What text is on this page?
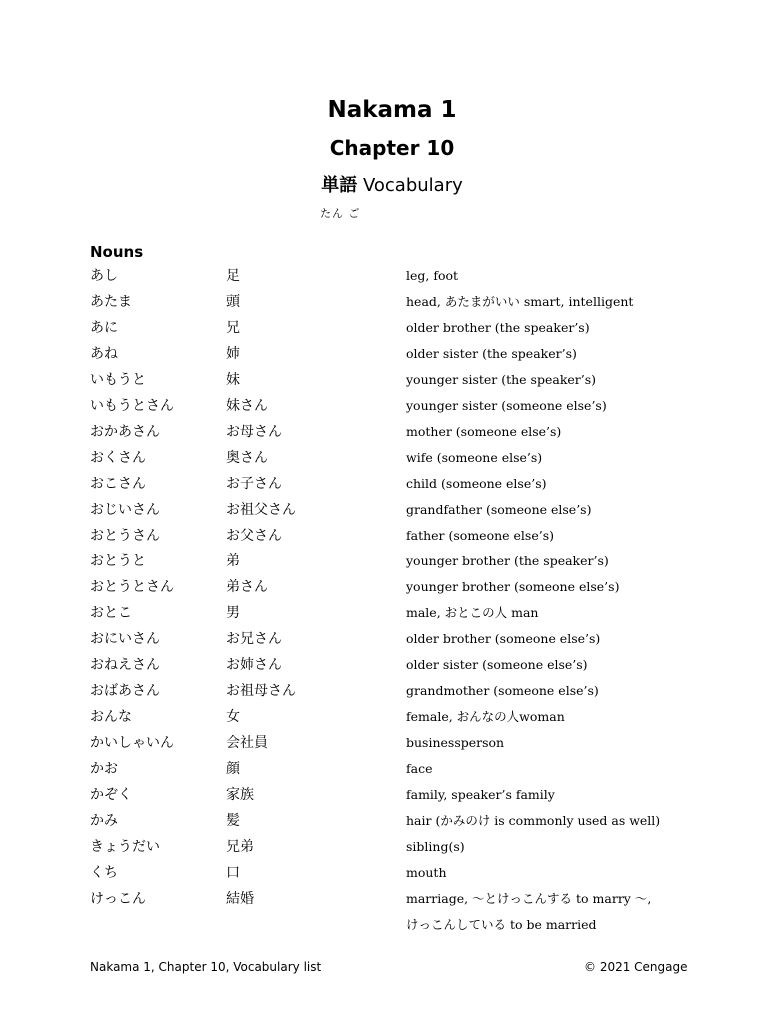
Nakama 1
Chapter 10
単語 Vocabulary
たん ご
Nouns
あし	足	leg, foot
あたま	頭	head, あたまがいい smart, intelligent
あに	兄	older brother (the speaker’s)
あね	姉	older sister (the speaker’s)
いもうと	妹	younger sister (the speaker’s)
いもうとさん	妹さん	younger sister (someone else’s)
おかあさん	お母さん	mother (someone else’s)
おくさん	奥さん	wife (someone else’s)
おこさん	お子さん	child (someone else’s)
おじいさん	お祖父さん	grandfather (someone else’s)
おとうさん	お父さん	father (someone else’s)
おとうと	弟	younger brother (the speaker’s)
おとうとさん	弟さん	younger brother (someone else’s)
おとこ	男	male, おとこの人 man
おにいさん	お兄さん	older brother (someone else’s)
おねえさん	お姉さん	older sister (someone else’s)
おばあさん	お祖母さん	grandmother (someone else’s)
おんな	女	female, おんなの人woman
かいしゃいん	会社員	businessperson
かお	顔	face
かぞく	家族	family, speaker’s family
かみ	髪	hair (かみのけ is commonly used as well)
きょうだい	兄弟	sibling(s)
くち	口	mouth
けっこん	結婚	marriage, 〜とけっこんする to marry 〜,
けっこんしている to be married
Nakama 1, Chapter 10, Vocabulary list	© 2021 Cengage
